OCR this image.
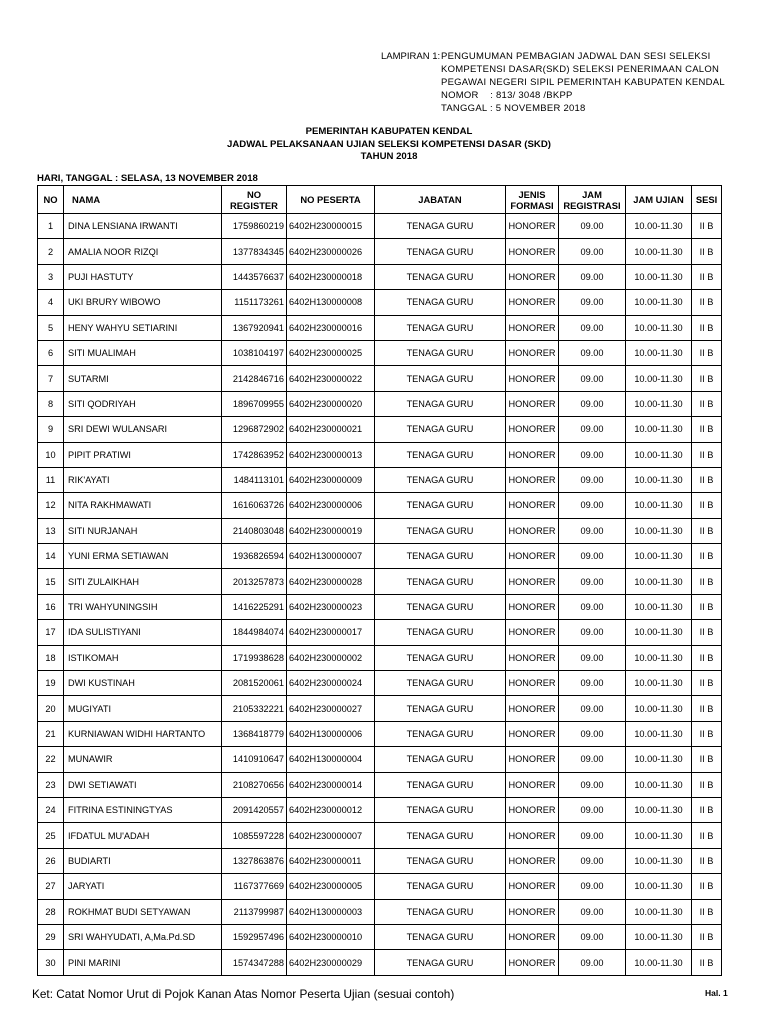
LAMPIRAN 1: PENGUMUMAN PEMBAGIAN JADWAL DAN SESI SELEKSI
KOMPETENSI DASAR(SKD) SELEKSI PENERIMAAN CALON
PEGAWAI NEGERI SIPIL PEMERINTAH KABUPATEN KENDAL
NOMOR    : 813/ 3048 /BKPP
TANGGAL : 5 NOVEMBER 2018
PEMERINTAH KABUPATEN KENDAL
JADWAL PELAKSANAAN UJIAN SELEKSI KOMPETENSI DASAR (SKD)
TAHUN 2018
HARI, TANGGAL : SELASA, 13 NOVEMBER 2018
NO	NAMA	NO REGISTER	NO PESERTA	JABATAN	JENIS FORMASI	JAM REGISTRASI	JAM UJIAN	SESI
1	DINA LENSIANA IRWANTI	1759860219	6402H230000015	TENAGA GURU	HONORER	09.00	10.00-11.30	II B
2	AMALIA NOOR RIZQI	1377834345	6402H230000026	TENAGA GURU	HONORER	09.00	10.00-11.30	II B
3	PUJI HASTUTY	1443576637	6402H230000018	TENAGA GURU	HONORER	09.00	10.00-11.30	II B
4	UKI BRURY WIBOWO	1151173261	6402H130000008	TENAGA GURU	HONORER	09.00	10.00-11.30	II B
5	HENY WAHYU SETIARINI	1367920941	6402H230000016	TENAGA GURU	HONORER	09.00	10.00-11.30	II B
6	SITI MUALIMAH	1038104197	6402H230000025	TENAGA GURU	HONORER	09.00	10.00-11.30	II B
7	SUTARMI	2142846716	6402H230000022	TENAGA GURU	HONORER	09.00	10.00-11.30	II B
8	SITI QODRIYAH	1896709955	6402H230000020	TENAGA GURU	HONORER	09.00	10.00-11.30	II B
9	SRI DEWI WULANSARI	1296872902	6402H230000021	TENAGA GURU	HONORER	09.00	10.00-11.30	II B
10	PIPIT PRATIWI	1742863952	6402H230000013	TENAGA GURU	HONORER	09.00	10.00-11.30	II B
11	RIK'AYATI	1484113101	6402H230000009	TENAGA GURU	HONORER	09.00	10.00-11.30	II B
12	NITA RAKHMAWATI	1616063726	6402H230000006	TENAGA GURU	HONORER	09.00	10.00-11.30	II B
13	SITI NURJANAH	2140803048	6402H230000019	TENAGA GURU	HONORER	09.00	10.00-11.30	II B
14	YUNI ERMA SETIAWAN	1936826594	6402H130000007	TENAGA GURU	HONORER	09.00	10.00-11.30	II B
15	SITI ZULAIKHAH	2013257873	6402H230000028	TENAGA GURU	HONORER	09.00	10.00-11.30	II B
16	TRI WAHYUNINGSIH	1416225291	6402H230000023	TENAGA GURU	HONORER	09.00	10.00-11.30	II B
17	IDA SULISTIYANI	1844984074	6402H230000017	TENAGA GURU	HONORER	09.00	10.00-11.30	II B
18	ISTIKOMAH	1719938628	6402H230000002	TENAGA GURU	HONORER	09.00	10.00-11.30	II B
19	DWI KUSTINAH	2081520061	6402H230000024	TENAGA GURU	HONORER	09.00	10.00-11.30	II B
20	MUGIYATI	2105332221	6402H230000027	TENAGA GURU	HONORER	09.00	10.00-11.30	II B
21	KURNIAWAN WIDHI HARTANTO	1368418779	6402H130000006	TENAGA GURU	HONORER	09.00	10.00-11.30	II B
22	MUNAWIR	1410910647	6402H130000004	TENAGA GURU	HONORER	09.00	10.00-11.30	II B
23	DWI SETIAWATI	2108270656	6402H230000014	TENAGA GURU	HONORER	09.00	10.00-11.30	II B
24	FITRINA ESTININGTYAS	2091420557	6402H230000012	TENAGA GURU	HONORER	09.00	10.00-11.30	II B
25	IFDATUL MU'ADAH	1085597228	6402H230000007	TENAGA GURU	HONORER	09.00	10.00-11.30	II B
26	BUDIARTI	1327863876	6402H230000011	TENAGA GURU	HONORER	09.00	10.00-11.30	II B
27	JARYATI	1167377669	6402H230000005	TENAGA GURU	HONORER	09.00	10.00-11.30	II B
28	ROKHMAT BUDI SETYAWAN	2113799987	6402H130000003	TENAGA GURU	HONORER	09.00	10.00-11.30	II B
29	SRI WAHYUDATI, A,Ma.Pd.SD	1592957496	6402H230000010	TENAGA GURU	HONORER	09.00	10.00-11.30	II B
30	PINI MARINI	1574347288	6402H230000029	TENAGA GURU	HONORER	09.00	10.00-11.30	II B
Ket: Catat Nomor Urut di Pojok Kanan Atas Nomor Peserta Ujian (sesuai contoh)	Hal. 1
